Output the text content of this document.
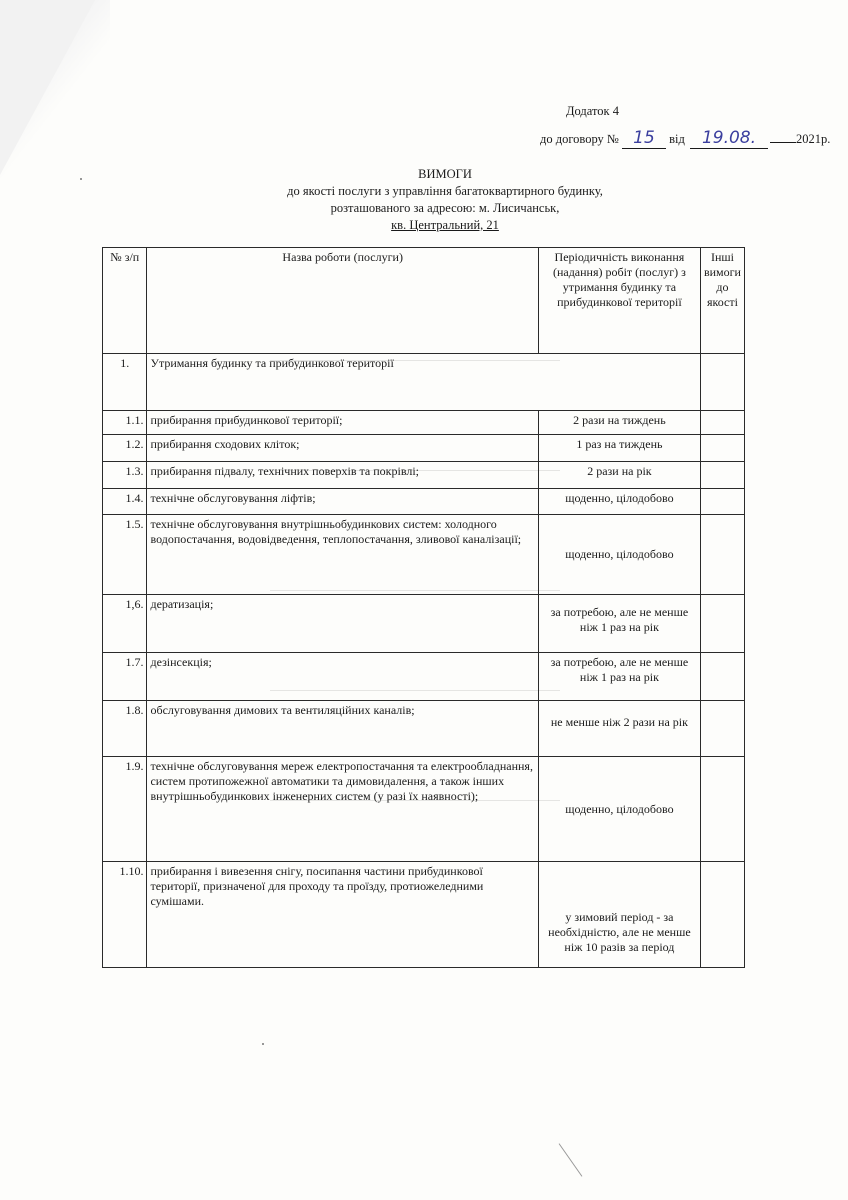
Додаток 4
до договору № 15 від 19.08.	2021р.
ВИМОГИ
до якості послуги з управління багатоквартирного будинку,
розташованого за адресою: м. Лисичанськ,
кв. Центральний, 21
№ з/п	Назва роботи (послуги)	Періодичність виконання (надання) робіт (послуг) з утримання будинку та прибудинкової території	Інші вимоги до якості
1.	Утримання будинку та прибудинкової території		
1.1.	прибирання прибудинкової території;	2 рази на тиждень	
1.2.	прибирання сходових кліток;	1 раз на тиждень	
1.3.	прибирання підвалу, технічних поверхів та покрівлі;	2 рази на рік	
1.4.	технічне обслуговування ліфтів;	щоденно, цілодобово	
1.5.	технічне обслуговування внутрішньобудинкових систем: холодного водопостачання, водовідведення, теплопостачання, зливової каналізації;	щоденно, цілодобово	
1,6.	дератизація;	за потребою, але не менше ніж 1 раз на рік	
1.7.	дезінсекція;	за потребою, але не менше ніж 1 раз на рік	
1.8.	обслуговування димових та вентиляційних каналів;	не менше ніж 2 рази на рік	
1.9.	технічне обслуговування мереж електропостачання та електрообладнання, систем протипожежної автоматики та димовидалення, а також інших внутрішньобудинкових інженерних систем (у разі їх наявності);	щоденно, цілодобово	
1.10.	прибирання і вивезення снігу, посипання частини прибудинкової території, призначеної для проходу та проїзду, протиожеледними сумішами.	у зимовий період - за необхідністю, але не менше ніж 10 разів за період	
